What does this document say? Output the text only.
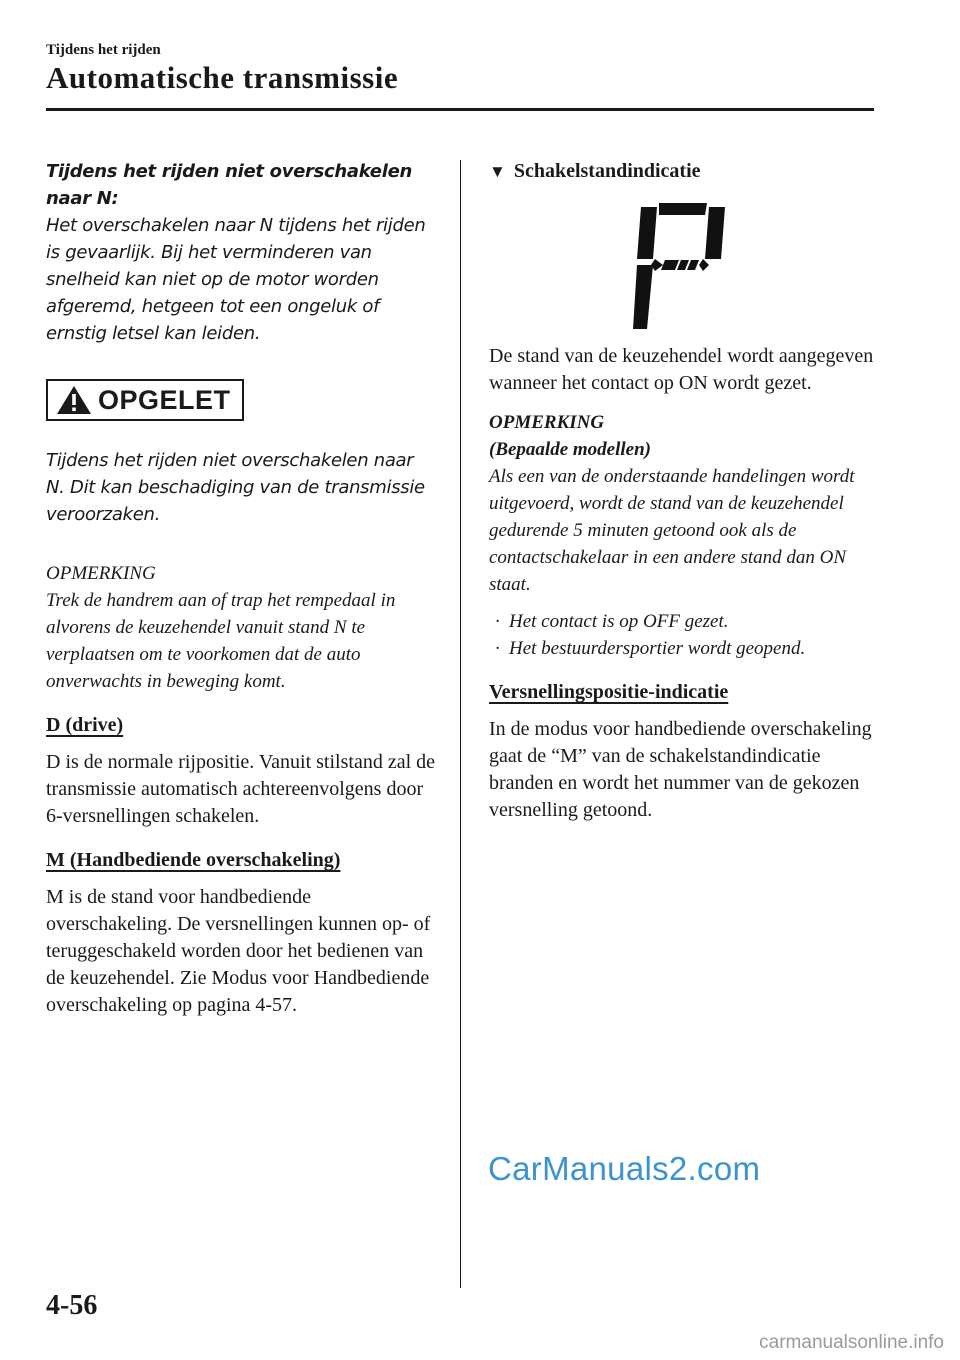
Tijdens het rijden
Automatische transmissie

Tijdens het rijden niet overschakelen naar N:

Het overschakelen naar N tijdens het rijden is gevaarlijk. Bij het verminderen van snelheid kan niet op de motor worden afgeremd, hetgeen tot een ongeluk of ernstig letsel kan leiden.

OPGELET

Tijdens het rijden niet overschakelen naar N. Dit kan beschadiging van de transmissie veroorzaken.

OPMERKING

Trek de handrem aan of trap het rempedaal in alvorens de keuzehendel vanuit stand N te verplaatsen om te voorkomen dat de auto onverwachts in beweging komt.

D (drive)

D is de normale rijpositie. Vanuit stilstand zal de transmissie automatisch achtereenvolgens door 6-versnellingen schakelen.

M (Handbediende overschakeling)

M is de stand voor handbediende overschakeling. De versnellingen kunnen op- of teruggeschakeld worden door het bedienen van de keuzehendel. Zie Modus voor Handbediende overschakeling op pagina 4-57.

▼ Schakelstandindicatie

De stand van de keuzehendel wordt aangegeven wanneer het contact op ON wordt gezet.

OPMERKING

(Bepaalde modellen)

Als een van de onderstaande handelingen wordt uitgevoerd, wordt de stand van de keuzehendel gedurende 5 minuten getoond ook als de contactschakelaar in een andere stand dan ON staat.

· Het contact is op OFF gezet.
· Het bestuurdersportier wordt geopend.
Versnellingspositie-indicatie

In de modus voor handbediende overschakeling gaat de “M” van de schakelstandindicatie branden en wordt het nummer van de gekozen versnelling getoond.

CarManuals2.com
4-56
carmanualsonline.info
